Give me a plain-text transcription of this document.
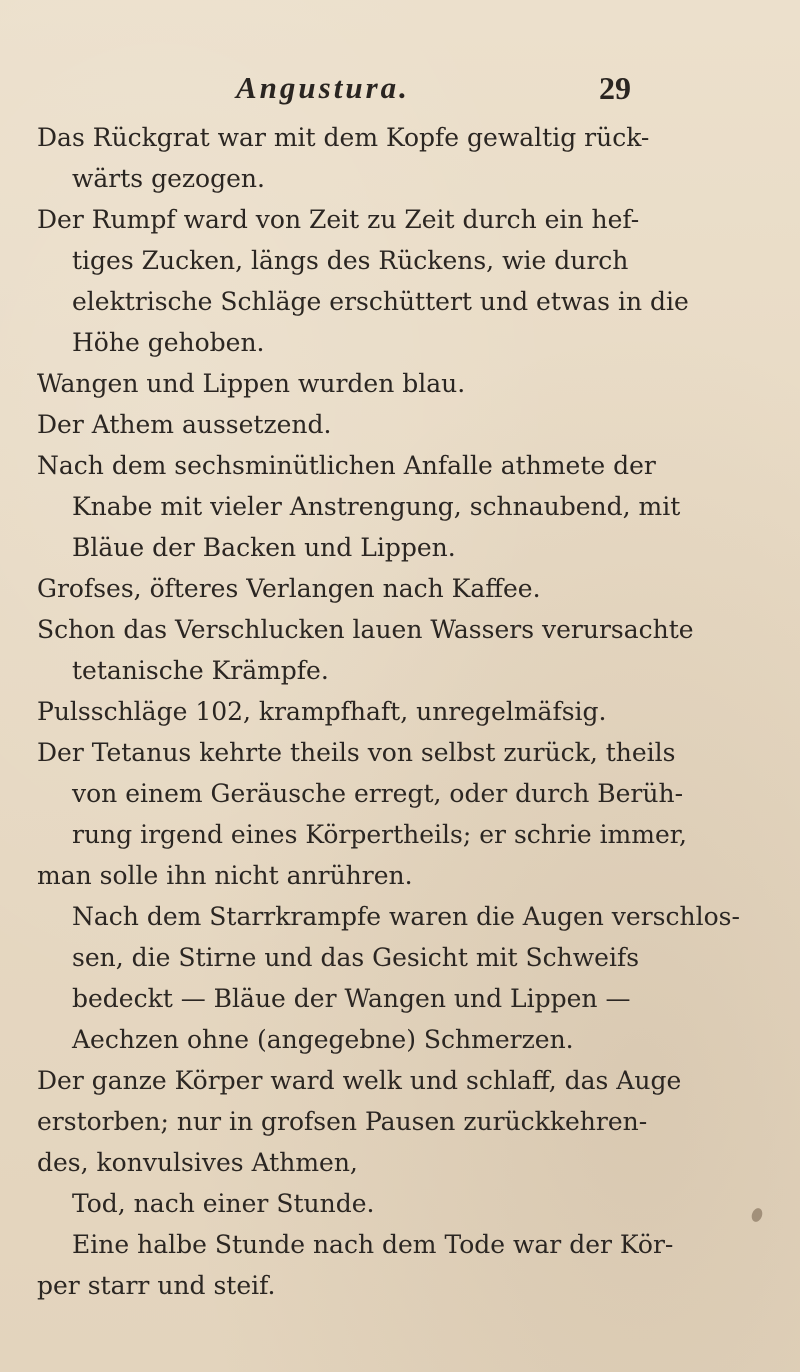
Angustura.	29
Das Rückgrat war mit dem Kopfe gewaltig rück-
wärts gezogen.
Der Rumpf ward von Zeit zu Zeit durch ein hef-
tiges Zucken, längs des Rückens, wie durch
elektrische Schläge erschüttert und etwas in die
Höhe gehoben.
Wangen und Lippen wurden blau.
Der Athem aussetzend.
Nach dem sechsminütlichen Anfalle athmete der
Knabe mit vieler Anstrengung, schnaubend, mit
Bläue der Backen und Lippen.
Grofses, öfteres Verlangen nach Kaffee.
Schon das Verschlucken lauen Wassers verursachte
tetanische Krämpfe.
Pulsschläge 102, krampfhaft, unregelmäfsig.
Der Tetanus kehrte theils von selbst zurück, theils
von einem Geräusche erregt, oder durch Berüh-
rung irgend eines Körpertheils; er schrie immer,
man solle ihn nicht anrühren.
Nach dem Starrkrampfe waren die Augen verschlos-
sen, die Stirne und das Gesicht mit Schweifs
bedeckt — Bläue der Wangen und Lippen —
Aechzen ohne (angegebne) Schmerzen.
Der ganze Körper ward welk und schlaff, das Auge
erstorben; nur in grofsen Pausen zurückkehren-
des, konvulsives Athmen,
Tod, nach einer Stunde.
Eine halbe Stunde nach dem Tode war der Kör-
per starr und steif.
